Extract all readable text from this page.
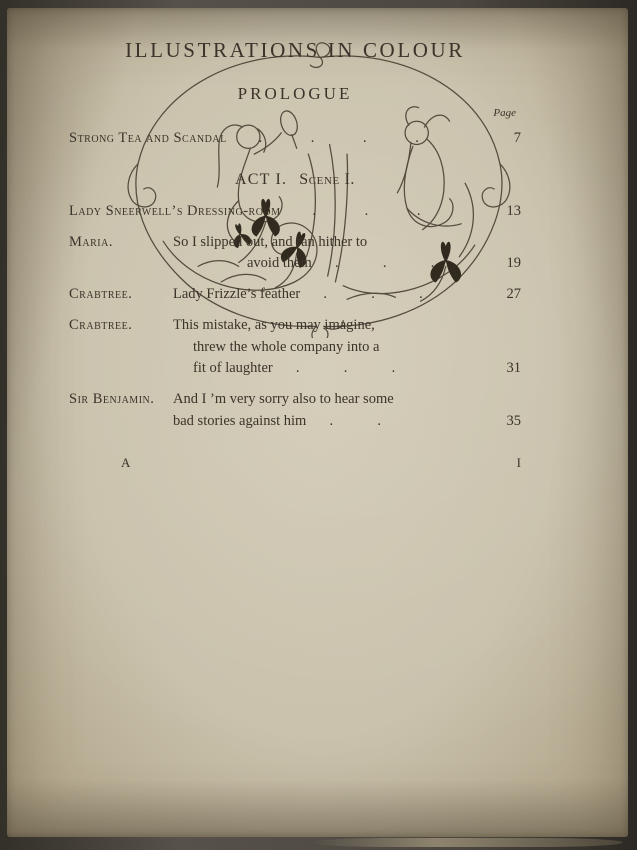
ILLUSTRATIONS IN COLOUR
PROLOGUE
Page
Strong Tea and Scandal . . . .	7
ACT I. Scene I.
Lady Sneerwell’s Dressing-room . . .	13
Maria.	So I slipped out, and ran hither to
avoid them . . .	19
Crabtree.	Lady Frizzle’s feather . . .	27
Crabtree.	This mistake, as you may imagine,
threw the whole company into a
fit of laughter . . .	31
Sir Benjamin.	And I ’m very sorry also to hear some
bad stories against him . .	35
A	I
